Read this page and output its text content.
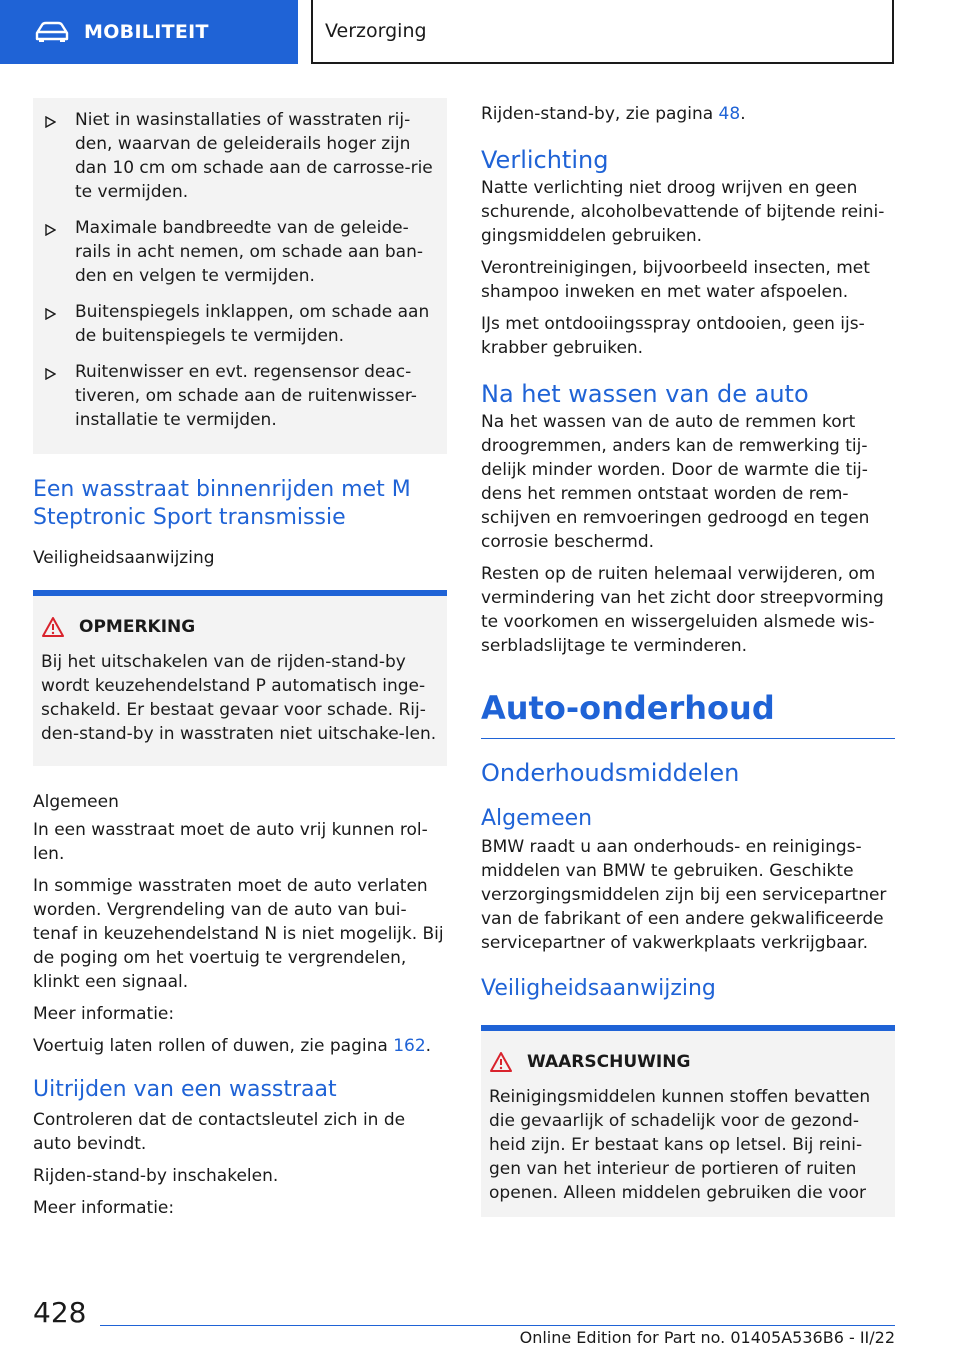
MOBILITEIT	Verzorging
Niet in wasinstallaties of wasstraten rij-den, waarvan de geleiderails hoger zijn dan 10 cm om schade aan de carrosse-rie te vermijden.
Maximale bandbreedte van de geleide-rails in acht nemen, om schade aan ban-den en velgen te vermijden.
Buitenspiegels inklappen, om schade aan de buitenspiegels te vermijden.
Ruitenwisser en evt. regensensor deac-tiveren, om schade aan de ruitenwisser-installatie te vermijden.
Een wasstraat binnenrijden met M Steptronic Sport transmissie
Veiligheidsaanwijzing
OPMERKING

Bij het uitschakelen van de rijden-stand-by wordt keuzehendelstand P automatisch inge-schakeld. Er bestaat gevaar voor schade. Rij-den-stand-by in wasstraten niet uitschake-len.

Algemeen

In een wasstraat moet de auto vrij kunnen rol-len.

In sommige wasstraten moet de auto verlaten worden. Vergrendeling van de auto van bui-tenaf in keuzehendelstand N is niet mogelijk. Bij de poging om het voertuig te vergrendelen, klinkt een signaal.

Meer informatie:

Voertuig laten rollen of duwen, zie pagina 162.

Uitrijden van een wasstraat

Controleren dat de contactsleutel zich in de auto bevindt.

Rijden-stand-by inschakelen.

Meer informatie:

Rijden-stand-by, zie pagina 48.

Verlichting

Natte verlichting niet droog wrijven en geen schurende, alcoholbevattende of bijtende reini-gingsmiddelen gebruiken.

Verontreinigingen, bijvoorbeeld insecten, met shampoo inweken en met water afspoelen.

IJs met ontdooiingsspray ontdooien, geen ijs-krabber gebruiken.

Na het wassen van de auto

Na het wassen van de auto de remmen kort droogremmen, anders kan de remwerking tij-delijk minder worden. Door de warmte die tij-dens het remmen ontstaat worden de rem-schijven en remvoeringen gedroogd en tegen corrosie beschermd.

Resten op de ruiten helemaal verwijderen, om vermindering van het zicht door streepvorming te voorkomen en wissergeluiden alsmede wis-serbladslijtage te verminderen.

Auto-onderhoud
Onderhoudsmiddelen
Algemeen

BMW raadt u aan onderhouds- en reinigings-middelen van BMW te gebruiken. Geschikte verzorgingsmiddelen zijn bij een servicepartner van de fabrikant of een andere gekwalificeerde servicepartner of vakwerkplaats verkrijgbaar.

Veiligheidsaanwijzing
WAARSCHUWING

Reinigingsmiddelen kunnen stoffen bevatten die gevaarlijk of schadelijk voor de gezond-heid zijn. Er bestaat kans op letsel. Bij reini-gen van het interieur de portieren of ruiten openen. Alleen middelen gebruiken die voor

428
Online Edition for Part no. 01405A536B6 - II/22
